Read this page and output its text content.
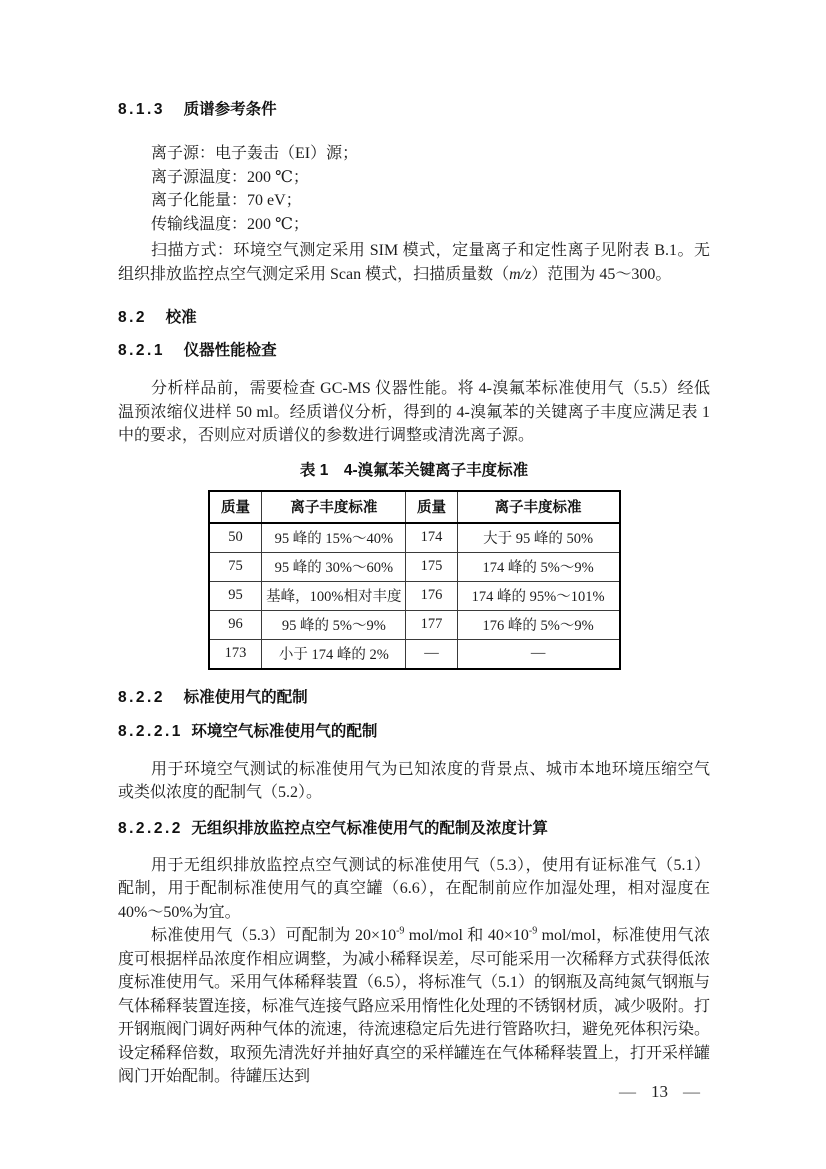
8.1.3 质谱参考条件

离子源：电子轰击（EI）源；

离子源温度：200 ℃；

离子化能量：70 eV；

传输线温度：200 ℃；

扫描方式：环境空气测定采用 SIM 模式，定量离子和定性离子见附表 B.1。无组织排放监控点空气测定采用 Scan 模式，扫描质量数（m/z）范围为 45～300。

8.2 校准
8.2.1 仪器性能检查

分析样品前，需要检查 GC-MS 仪器性能。将 4-溴氟苯标准使用气（5.5）经低温预浓缩仪进样 50 ml。经质谱仪分析，得到的 4-溴氟苯的关键离子丰度应满足表 1 中的要求，否则应对质谱仪的参数进行调整或清洗离子源。

表 1　4-溴氟苯关键离子丰度标准

质量	离子丰度标准	质量	离子丰度标准
50	95 峰的 15%～40%	174	大于 95 峰的 50%
75	95 峰的 30%～60%	175	174 峰的 5%～9%
95	基峰，100%相对丰度	176	174 峰的 95%～101%
96	95 峰的 5%～9%	177	176 峰的 5%～9%
173	小于 174 峰的 2%	—	—
8.2.2 标准使用气的配制
8.2.2.1 环境空气标准使用气的配制

用于环境空气测试的标准使用气为已知浓度的背景点、城市本地环境压缩空气或类似浓度的配制气（5.2）。

8.2.2.2 无组织排放监控点空气标准使用气的配制及浓度计算

用于无组织排放监控点空气测试的标准使用气（5.3），使用有证标准气（5.1）配制，用于配制标准使用气的真空罐（6.6），在配制前应作加湿处理，相对湿度在 40%～50%为宜。

标准使用气（5.3）可配制为 $20\times 10^{-9}$ mol/mol 和 $40\times 10^{-9}$ mol/mol，标准使用气浓度可根据样品浓度作相应调整，为减小稀释误差，尽可能采用一次稀释方式获得低浓度标准使用气。采用气体稀释装置（6.5），将标准气（5.1）的钢瓶及高纯氮气钢瓶与气体稀释装置连接，标准气连接气路应采用惰性化处理的不锈钢材质，减少吸附。打开钢瓶阀门调好两种气体的流速，待流速稳定后先进行管路吹扫，避免死体积污染。设定稀释倍数，取预先清洗好并抽好真空的采样罐连在气体稀释装置上，打开采样罐阀门开始配制。待罐压达到

— 13 —
